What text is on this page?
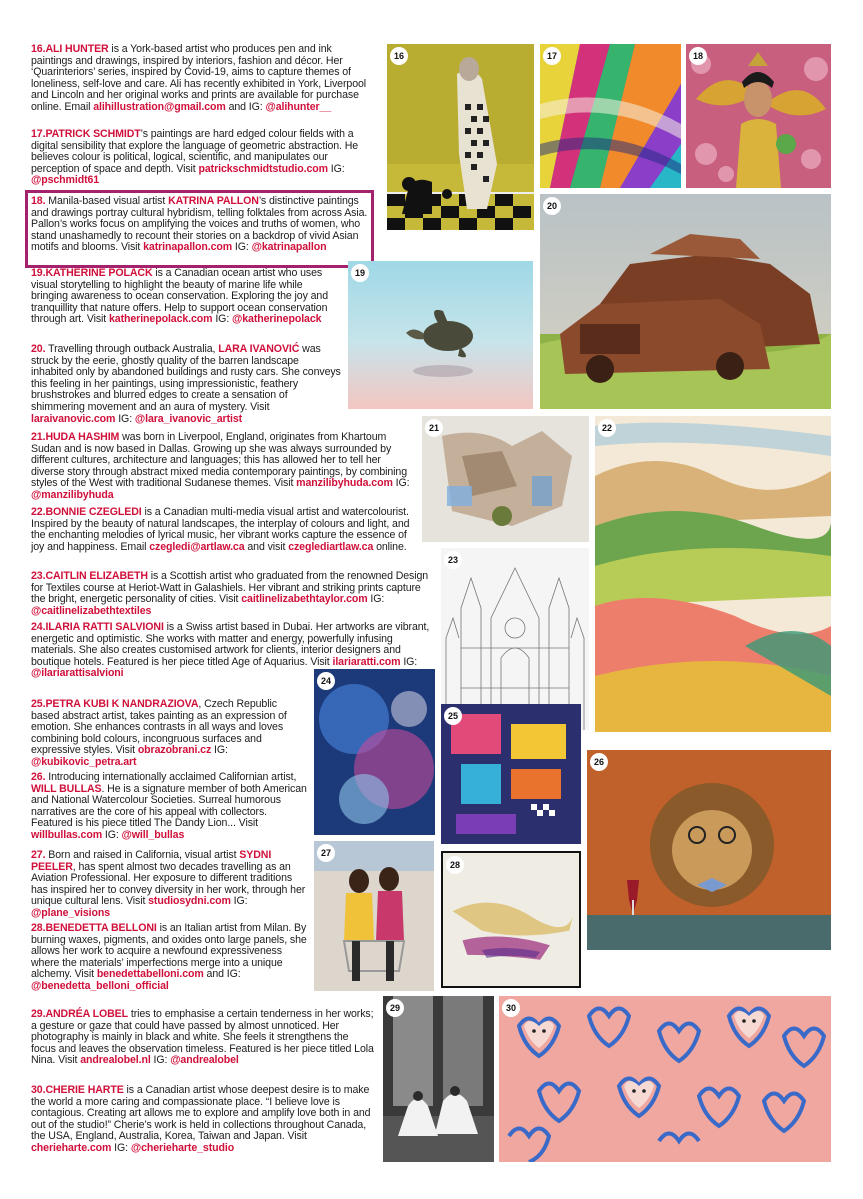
16.ALI HUNTER is a York-based artist who produces pen and ink paintings and drawings, inspired by interiors, fashion and décor. Her ‘Quarinteriors’ series, inspired by Covid-19, aims to capture themes of loneliness, self-love and care. Ali has recently exhibited in York, Liverpool and Lincoln and her original works and prints are available for purchase online. Email alihillustration@gmail.com and IG: @alihunter__

17.PATRICK SCHMIDT’s paintings are hard edged colour fields with a digital sensibility that explore the language of geometric abstraction. He believes colour is political, logical, scientific, and manipulates our perception of space and depth. Visit patrickschmidtstudio.com IG: @pschmidt61

18. Manila-based visual artist KATRINA PALLON’s distinctive paintings and drawings portray cultural hybridism, telling folktales from across Asia. Pallon’s works focus on amplifying the voices and truths of women, who stand unashamedly to recount their stories on a backdrop of vivid Asian motifs and blooms. Visit katrinapallon.com IG: @katrinapallon

19.KATHERINE POLACK is a Canadian ocean artist who uses visual storytelling to highlight the beauty of marine life while bringing awareness to ocean conservation. Exploring the joy and tranquillity that nature offers. Help to support ocean conservation through art. Visit katherinepolack.com IG: @katherinepolack

20. Travelling through outback Australia, LARA IVANOVIĆ was struck by the eerie, ghostly quality of the barren landscape inhabited only by abandoned buildings and rusty cars. She conveys this feeling in her paintings, using impressionistic, feathery brushstrokes and blurred edges to create a sensation of shimmering movement and an aura of mystery. Visit laraivanovic.com IG: @lara_ivanovic_artist

21.HUDA HASHIM was born in Liverpool, England, originates from Khartoum Sudan and is now based in Dallas. Growing up she was always surrounded by different cultures, architecture and languages; this has allowed her to tell her diverse story through abstract mixed media contemporary paintings, by combining styles of the West with traditional Sudanese themes. Visit manzilibyhuda.com IG: @manzilibyhuda

22.BONNIE CZEGLEDI is a Canadian multi-media visual artist and watercolourist. Inspired by the beauty of natural landscapes, the interplay of colours and light, and the enchanting melodies of lyrical music, her vibrant works capture the essence of joy and happiness. Email czegledi@artlaw.ca and visit czeglediartlaw.ca online.

23.CAITLIN ELIZABETH is a Scottish artist who graduated from the renowned Design for Textiles course at Heriot-Watt in Galashiels. Her vibrant and striking prints capture the bright, energetic personality of cities. Visit caitlinelizabethtaylor.com IG: @caitlinelizabethtextiles

24.ILARIA RATTI SALVIONI is a Swiss artist based in Dubai. Her artworks are vibrant, energetic and optimistic. She works with matter and energy, powerfully infusing materials. She also creates customised artwork for clients, interior designers and boutique hotels. Featured is her piece titled Age of Aquarius. Visit ilariaratti.com IG: @ilariarattisalvioni

25.PETRA KUBI K NANDRAZIOVA, Czech Republic based abstract artist, takes painting as an expression of emotion. She enhances contrasts in all ways and loves combining bold colours, incongruous surfaces and expressive styles. Visit obrazobrani.cz IG: @kubikovic_petra.art

26. Introducing internationally acclaimed Californian artist, WILL BULLAS. He is a signature member of both American and National Watercolour Societies. Surreal humorous narratives are the core of his appeal with collectors. Featured is his piece titled The Dandy Lion... Visit willbullas.com IG: @will_bullas

27. Born and raised in California, visual artist SYDNI PEELER, has spent almost two decades travelling as an Aviation Professional. Her exposure to different traditions has inspired her to convey diversity in her work, through her unique cultural lens. Visit studiosydni.com IG: @plane_visions

28.BENEDETTA BELLONI is an Italian artist from Milan. By burning waxes, pigments, and oxides onto large panels, she allows her work to acquire a newfound expressiveness where the materials’ imperfections merge into a unique alchemy. Visit benedettabelloni.com and IG: @benedetta_belloni_official

29.ANDRÉA LOBEL tries to emphasise a certain tenderness in her works; a gesture or gaze that could have passed by almost unnoticed. Her photography is mainly in black and white. She feels it strengthens the focus and leaves the observation timeless. Featured is her piece titled Lola Nina. Visit andrealobel.nl IG: @andrealobel

30.CHERIE HARTE is a Canadian artist whose deepest desire is to make the world a more caring and compassionate place. “I believe love is contagious. Creating art allows me to explore and amplify love both in and out of the studio!” Cherie’s work is held in collections throughout Canada, the USA, England, Australia, Korea, Taiwan and Japan. Visit cherieharte.com IG: @cherieharte_studio

16	17	18
20
19
21	22
23
24
25
26
27
28
29	30
